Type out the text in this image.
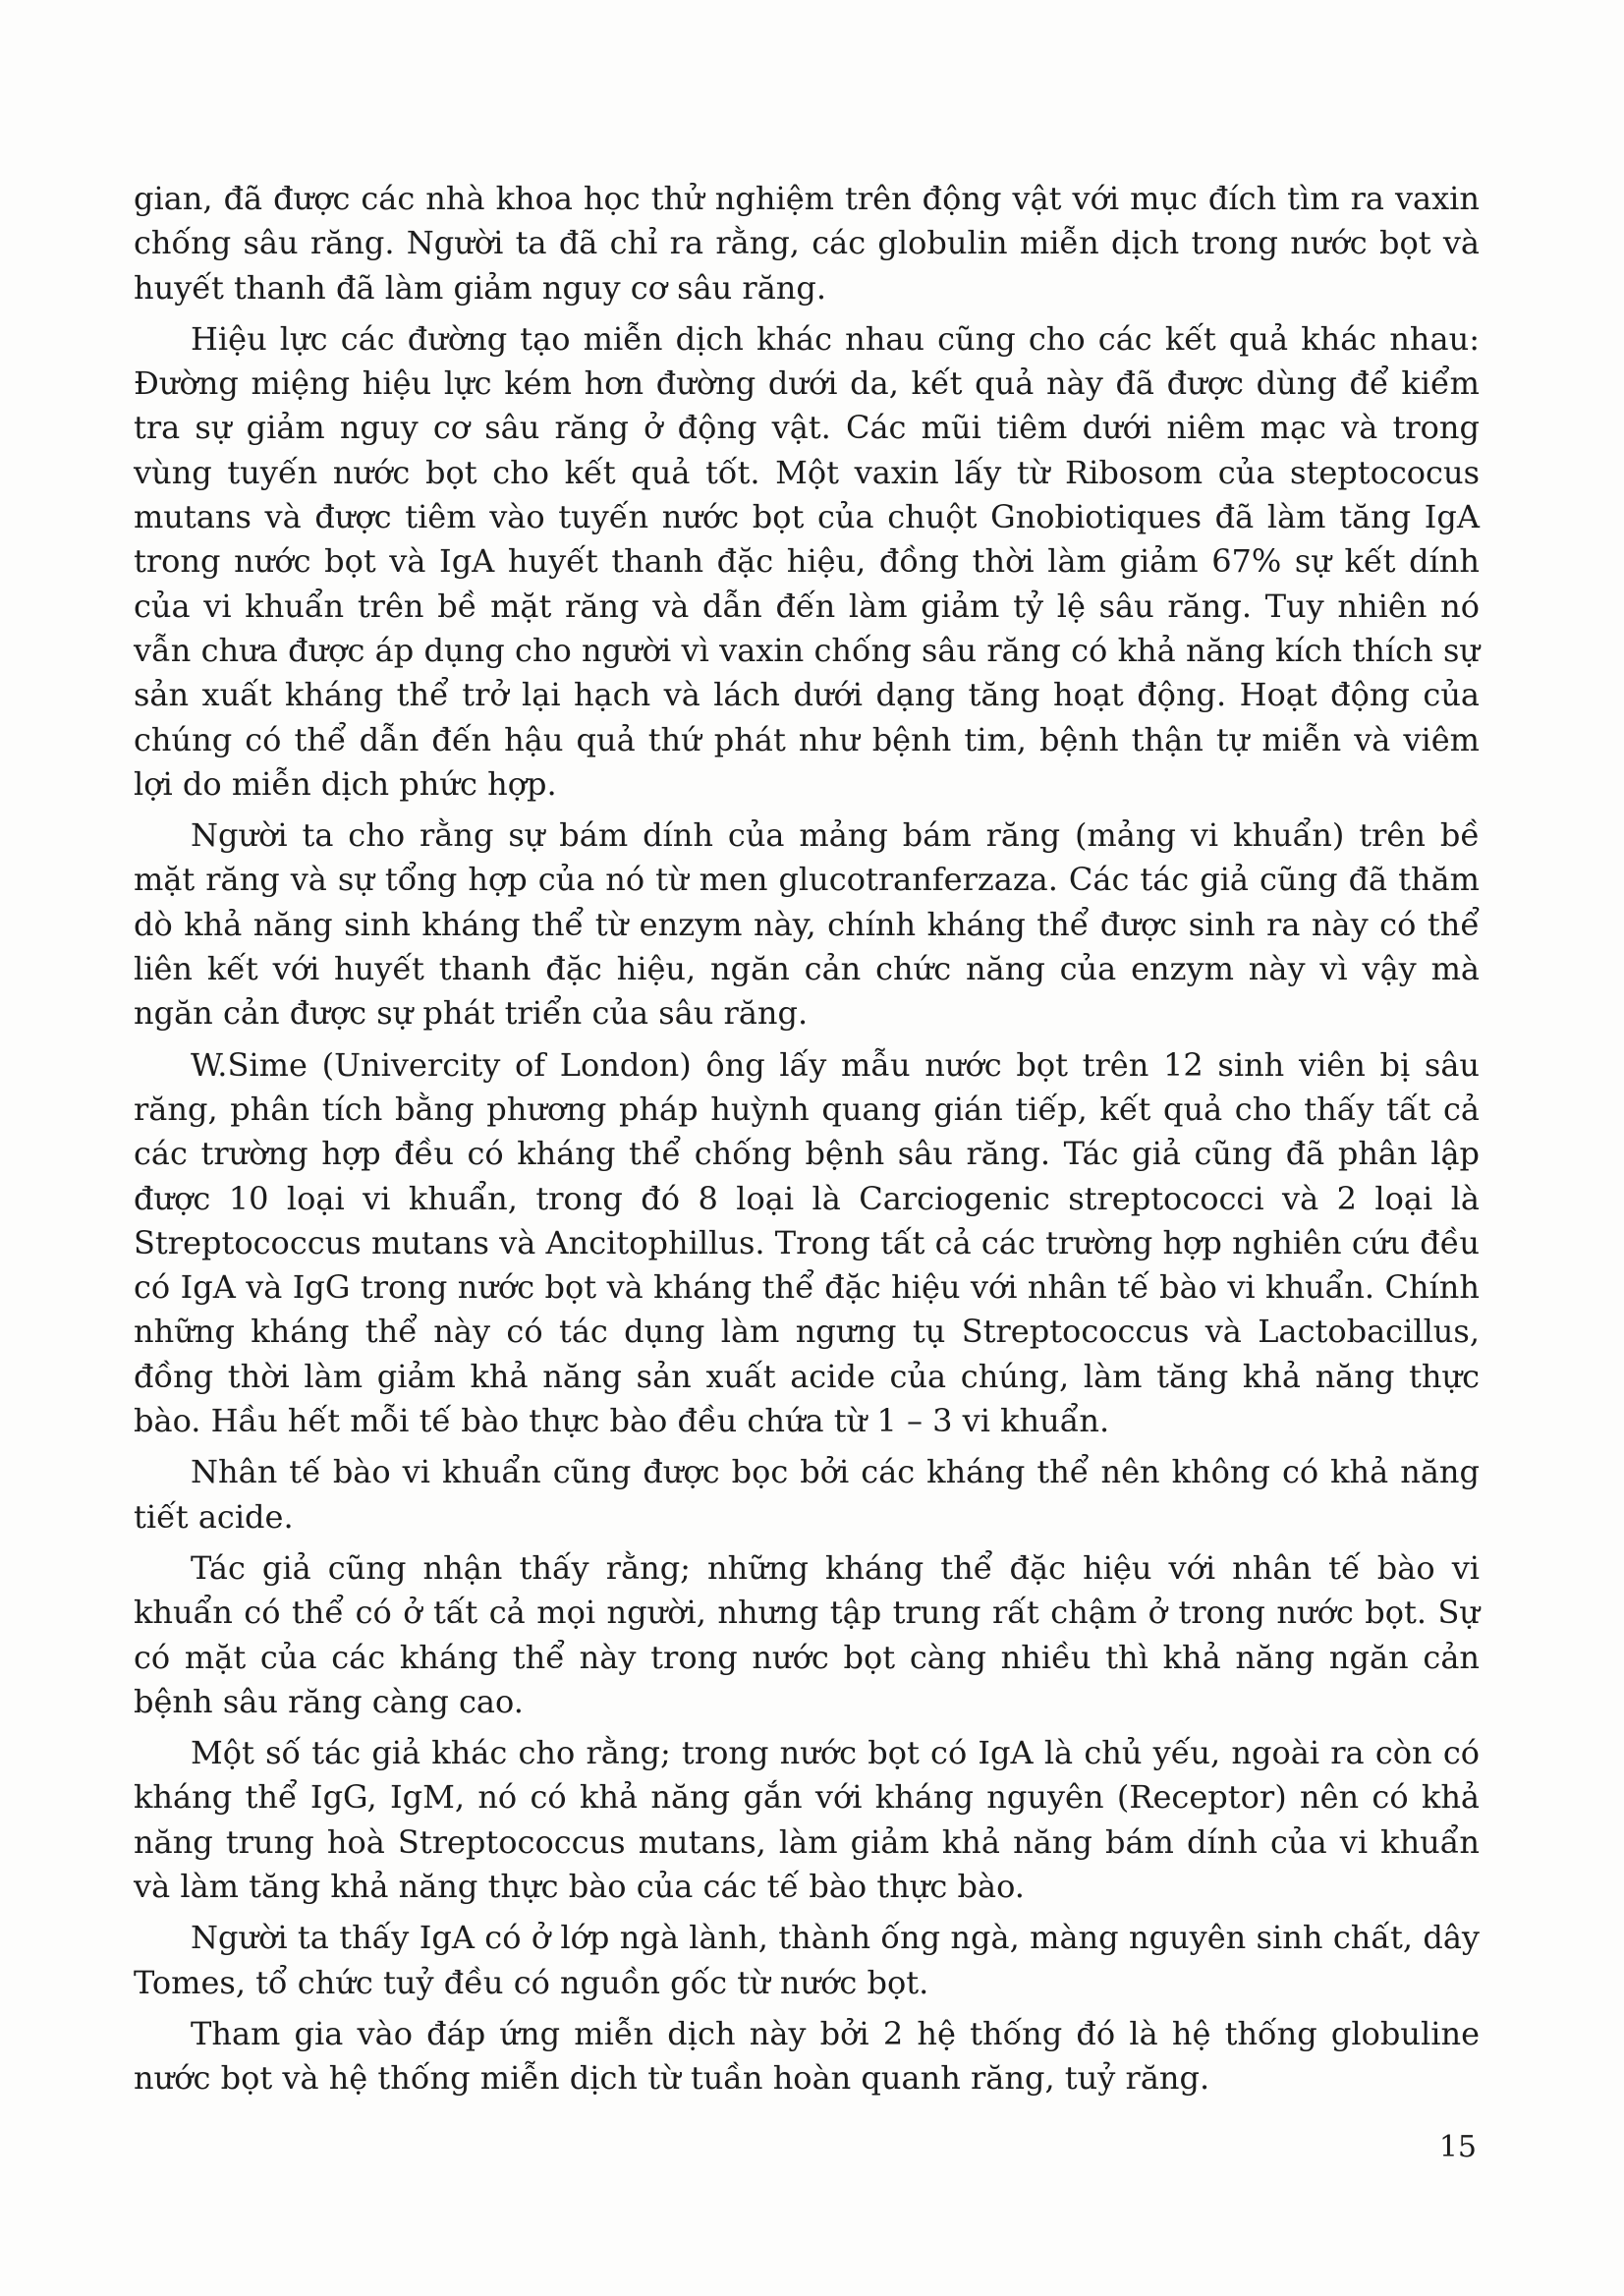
gian, đã được các nhà khoa học thử nghiệm trên động vật với mục đích tìm ra vaxin chống sâu răng. Người ta đã chỉ ra rằng, các globulin miễn dịch trong nước bọt và huyết thanh đã làm giảm nguy cơ sâu răng.

Hiệu lực các đường tạo miễn dịch khác nhau cũng cho các kết quả khác nhau: Đường miệng hiệu lực kém hơn đường dưới da, kết quả này đã được dùng để kiểm tra sự giảm nguy cơ sâu răng ở động vật. Các mũi tiêm dưới niêm mạc và trong vùng tuyến nước bọt cho kết quả tốt. Một vaxin lấy từ Ribosom của steptococus mutans và được tiêm vào tuyến nước bọt của chuột Gnobiotiques đã làm tăng IgA trong nước bọt và IgA huyết thanh đặc hiệu, đồng thời làm giảm 67% sự kết dính của vi khuẩn trên bề mặt răng và dẫn đến làm giảm tỷ lệ sâu răng. Tuy nhiên nó vẫn chưa được áp dụng cho người vì vaxin chống sâu răng có khả năng kích thích sự sản xuất kháng thể trở lại hạch và lách dưới dạng tăng hoạt động. Hoạt động của chúng có thể dẫn đến hậu quả thứ phát như bệnh tim, bệnh thận tự miễn và viêm lợi do miễn dịch phức hợp.

Người ta cho rằng sự bám dính của mảng bám răng (mảng vi khuẩn) trên bề mặt răng và sự tổng hợp của nó từ men glucotranferzaza. Các tác giả cũng đã thăm dò khả năng sinh kháng thể từ enzym này, chính kháng thể được sinh ra này có thể liên kết với huyết thanh đặc hiệu, ngăn cản chức năng của enzym này vì vậy mà ngăn cản được sự phát triển của sâu răng.

W.Sime (Univercity of London) ông lấy mẫu nước bọt trên 12 sinh viên bị sâu răng, phân tích bằng phương pháp huỳnh quang gián tiếp, kết quả cho thấy tất cả các trường hợp đều có kháng thể chống bệnh sâu răng. Tác giả cũng đã phân lập được 10 loại vi khuẩn, trong đó 8 loại là Carciogenic streptococci và 2 loại là Streptococcus mutans và Ancitophillus. Trong tất cả các trường hợp nghiên cứu đều có IgA và IgG trong nước bọt và kháng thể đặc hiệu với nhân tế bào vi khuẩn. Chính những kháng thể này có tác dụng làm ngưng tụ Streptococcus và Lactobacillus, đồng thời làm giảm khả năng sản xuất acide của chúng, làm tăng khả năng thực bào. Hầu hết mỗi tế bào thực bào đều chứa từ 1 – 3 vi khuẩn.

Nhân tế bào vi khuẩn cũng được bọc bởi các kháng thể nên không có khả năng tiết acide.

Tác giả cũng nhận thấy rằng; những kháng thể đặc hiệu với nhân tế bào vi khuẩn có thể có ở tất cả mọi người, nhưng tập trung rất chậm ở trong nước bọt. Sự có mặt của các kháng thể này trong nước bọt càng nhiều thì khả năng ngăn cản bệnh sâu răng càng cao.

Một số tác giả khác cho rằng; trong nước bọt có IgA là chủ yếu, ngoài ra còn có kháng thể IgG, IgM, nó có khả năng gắn với kháng nguyên (Receptor) nên có khả năng trung hoà Streptococcus mutans, làm giảm khả năng bám dính của vi khuẩn và làm tăng khả năng thực bào của các tế bào thực bào.

Người ta thấy IgA có ở lớp ngà lành, thành ống ngà, màng nguyên sinh chất, dây Tomes, tổ chức tuỷ đều có nguồn gốc từ nước bọt.

Tham gia vào đáp ứng miễn dịch này bởi 2 hệ thống đó là hệ thống globuline nước bọt và hệ thống miễn dịch từ tuần hoàn quanh răng, tuỷ răng.

15
